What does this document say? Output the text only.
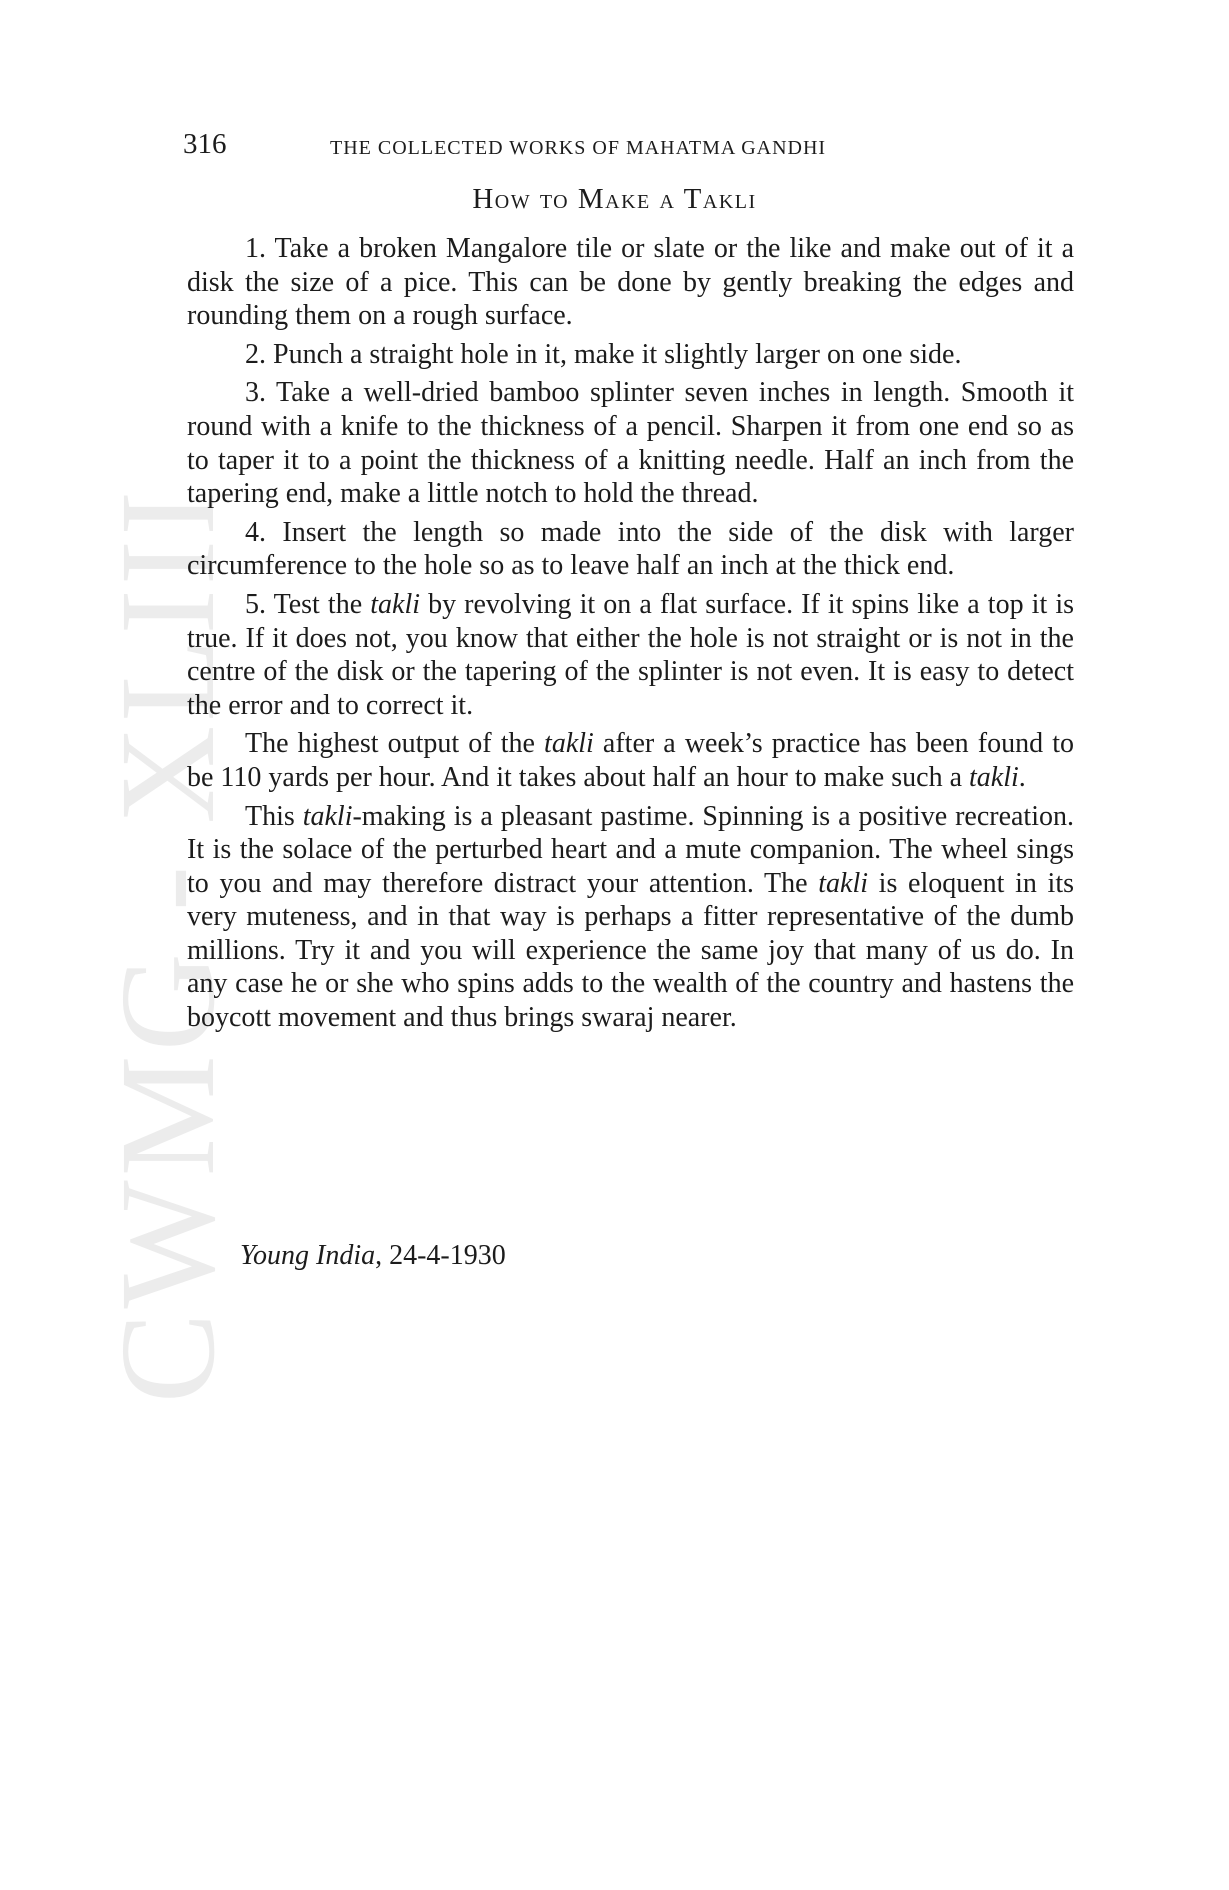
CWMG - XLIII
316	THE COLLECTED WORKS OF MAHATMA GANDHI
How to Make a Takli

1. Take a broken Mangalore tile or slate or the like and make out of it a disk the size of a pice. This can be done by gently breaking the edges and rounding them on a rough surface.

2. Punch a straight hole in it, make it slightly larger on one side.

3. Take a well-dried bamboo splinter seven inches in length. Smooth it round with a knife to the thickness of a pencil. Sharpen it from one end so as to taper it to a point the thickness of a knitting needle. Half an inch from the tapering end, make a little notch to hold the thread.

4. Insert the length so made into the side of the disk with larger circumference to the hole so as to leave half an inch at the thick end.

5. Test the takli by revolving it on a flat surface. If it spins like a top it is true. If it does not, you know that either the hole is not straight or is not in the centre of the disk or the tapering of the splinter is not even. It is easy to detect the error and to correct it.

The highest output of the takli after a week’s practice has been found to be 110 yards per hour. And it takes about half an hour to make such a takli.

This takli-making is a pleasant pastime. Spinning is a positive recreation. It is the solace of the perturbed heart and a mute companion. The wheel sings to you and may therefore distract your attention. The takli is eloquent in its very muteness, and in that way is perhaps a fitter representative of the dumb millions. Try it and you will experience the same joy that many of us do. In any case he or she who spins adds to the wealth of the country and hastens the boycott movement and thus brings swaraj nearer.

Young India, 24-4-1930
